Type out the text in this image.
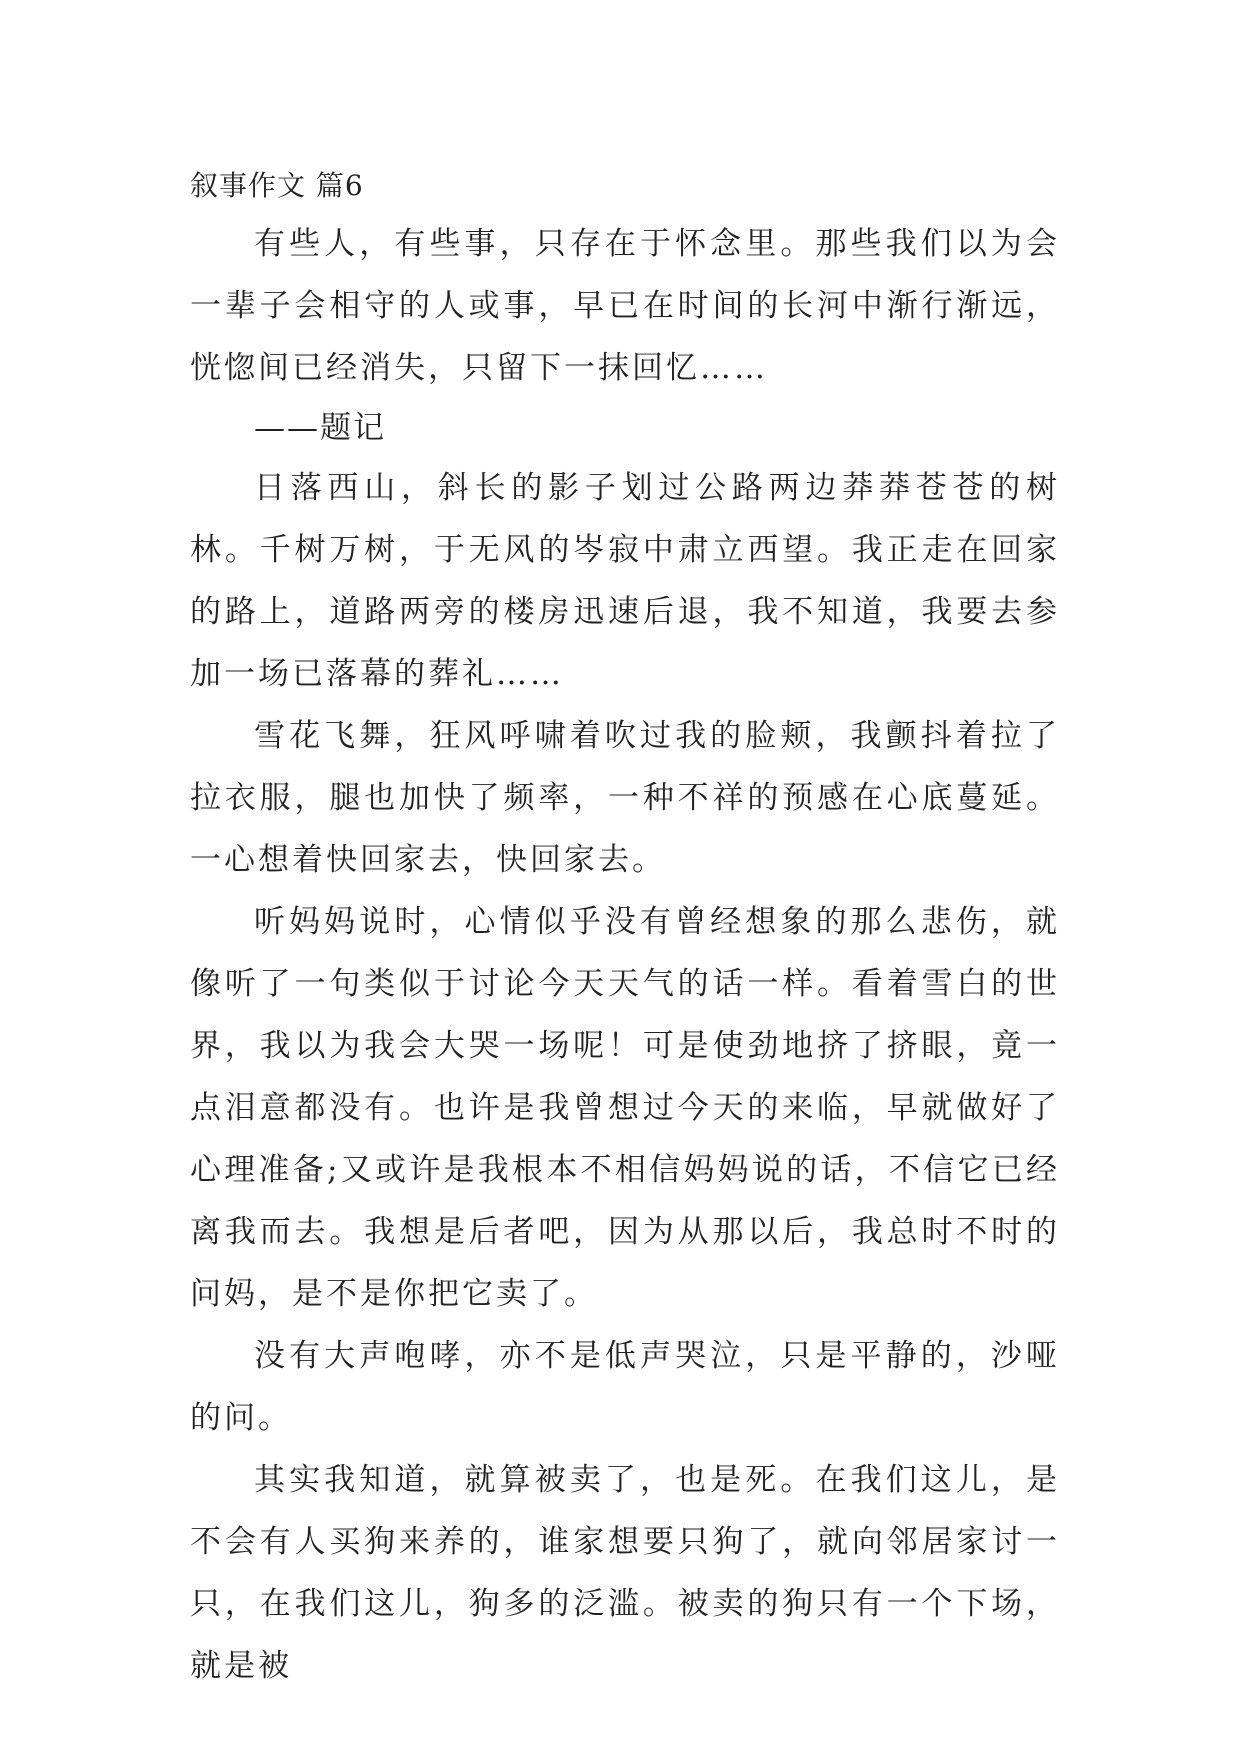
叙事作文 篇6

有些人，有些事，只存在于怀念里。那些我们以为会一辈子会相守的人或事，早已在时间的长河中渐行渐远，恍惚间已经消失，只留下一抹回忆……

——题记

日落西山，斜长的影子划过公路两边莽莽苍苍的树林。千树万树，于无风的岑寂中肃立西望。我正走在回家的路上，道路两旁的楼房迅速后退，我不知道，我要去参加一场已落幕的葬礼……

雪花飞舞，狂风呼啸着吹过我的脸颊，我颤抖着拉了拉衣服，腿也加快了频率，一种不祥的预感在心底蔓延。一心想着快回家去，快回家去。

听妈妈说时，心情似乎没有曾经想象的那么悲伤，就像听了一句类似于讨论今天天气的话一样。看着雪白的世界，我以为我会大哭一场呢！可是使劲地挤了挤眼，竟一点泪意都没有。也许是我曾想过今天的来临，早就做好了心理准备;又或许是我根本不相信妈妈说的话，不信它已经离我而去。我想是后者吧，因为从那以后，我总时不时的问妈，是不是你把它卖了。

没有大声咆哮，亦不是低声哭泣，只是平静的，沙哑的问。

其实我知道，就算被卖了，也是死。在我们这儿，是不会有人买狗来养的，谁家想要只狗了，就向邻居家讨一只，在我们这儿，狗多的泛滥。被卖的狗只有一个下场，就是被
